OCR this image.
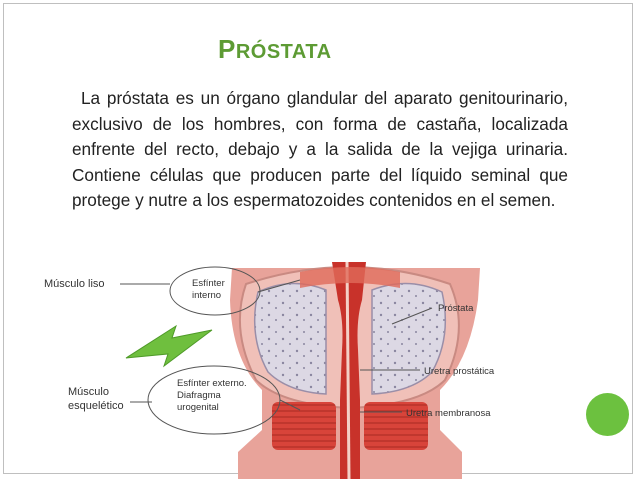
PRÓSTATA
La próstata es un órgano glandular del aparato genitourinario, exclusivo de los hombres, con forma de castaña, localizada enfrente del recto, debajo y a la salida de la vejiga urinaria. Contiene células que producen parte del líquido seminal que protege y nutre a los espermatozoides contenidos en el semen.
Músculo liso	Esfínter
interno
Músculo
esquelético
Esfínter externo.
Diafragma
urogenital
Próstata
Uretra prostática
Uretra membranosa
